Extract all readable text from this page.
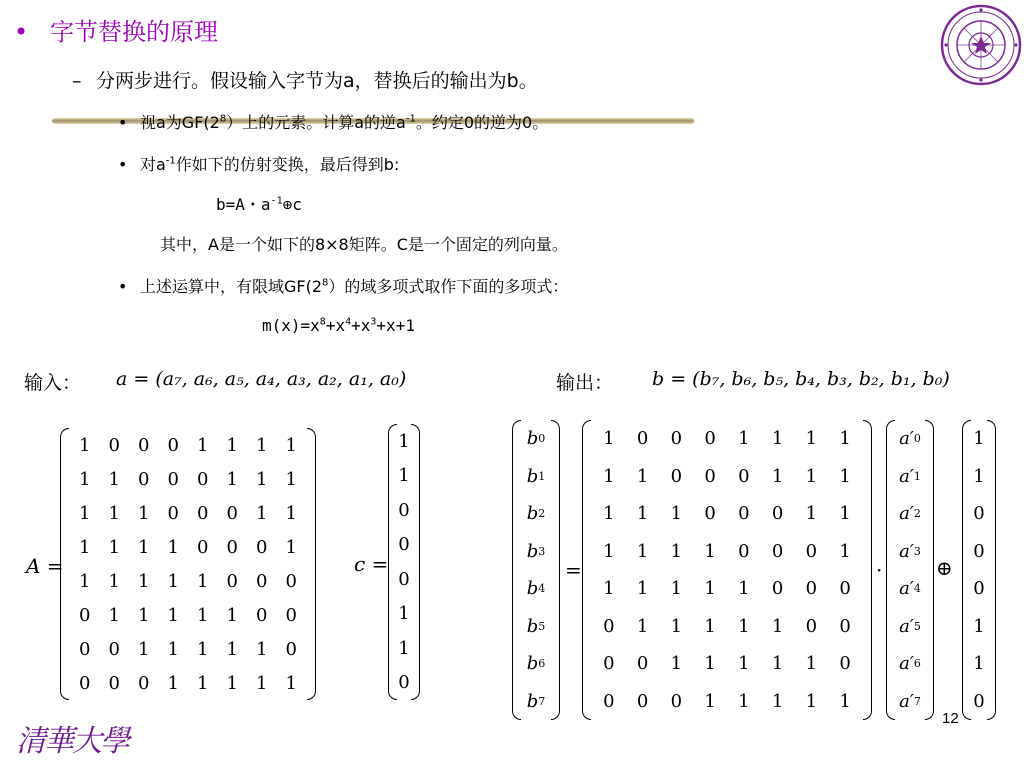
• 字节替换的原理
– 分两步进行。假设输入字节为a，替换后的输出为b。
• 视a为$GF(2^8)$上的元素。计算a的逆$a^{-1}$。约定0的逆为0。
• 对$a^{-1}$作如下的仿射变换，最后得到b:
b=A・$a^{-1}\oplus c$
其中，A是一个如下的8×8矩阵。C是一个固定的列向量。
• 上述运算中，有限域$GF(2^8)$的域多项式取作下面的多项式：
$m(x)=x^8+x^4+x^3+x+1$
输入： a = (a₇, a₆, a₅, a₄, a₃, a₂, a₁, a₀)	输出： b = (b₇, b₆, b₅, b₄, b₃, b₂, b₁, b₀)
A =
1	0	0	0	1	1	1	1
1	1	0	0	0	1	1	1
1	1	1	0	0	0	1	1
1	1	1	1	0	0	0	1
1	1	1	1	1	0	0	0
0	1	1	1	1	1	0	0
0	0	1	1	1	1	1	0
0	0	0	1	1	1	1	1
c =
1
1
0
0
0
1
1
0
b 0
b 1
b 2
b 3
b 4
b 5
b 6
b 7
=
1	0	0	0	1	1	1	1
1	1	0	0	0	1	1	1
1	1	1	0	0	0	1	1
1	1	1	1	0	0	0	1
1	1	1	1	1	0	0	0
0	1	1	1	1	1	0	0
0	0	1	1	1	1	1	0
0	0	0	1	1	1	1	1
·
a′ 0
a′ 1
a′ 2
a′ 3
a′ 4
a′ 5
a′ 6
a′ 7
⊕
1
1
0
0
0
1
1
0
12
清華大學
